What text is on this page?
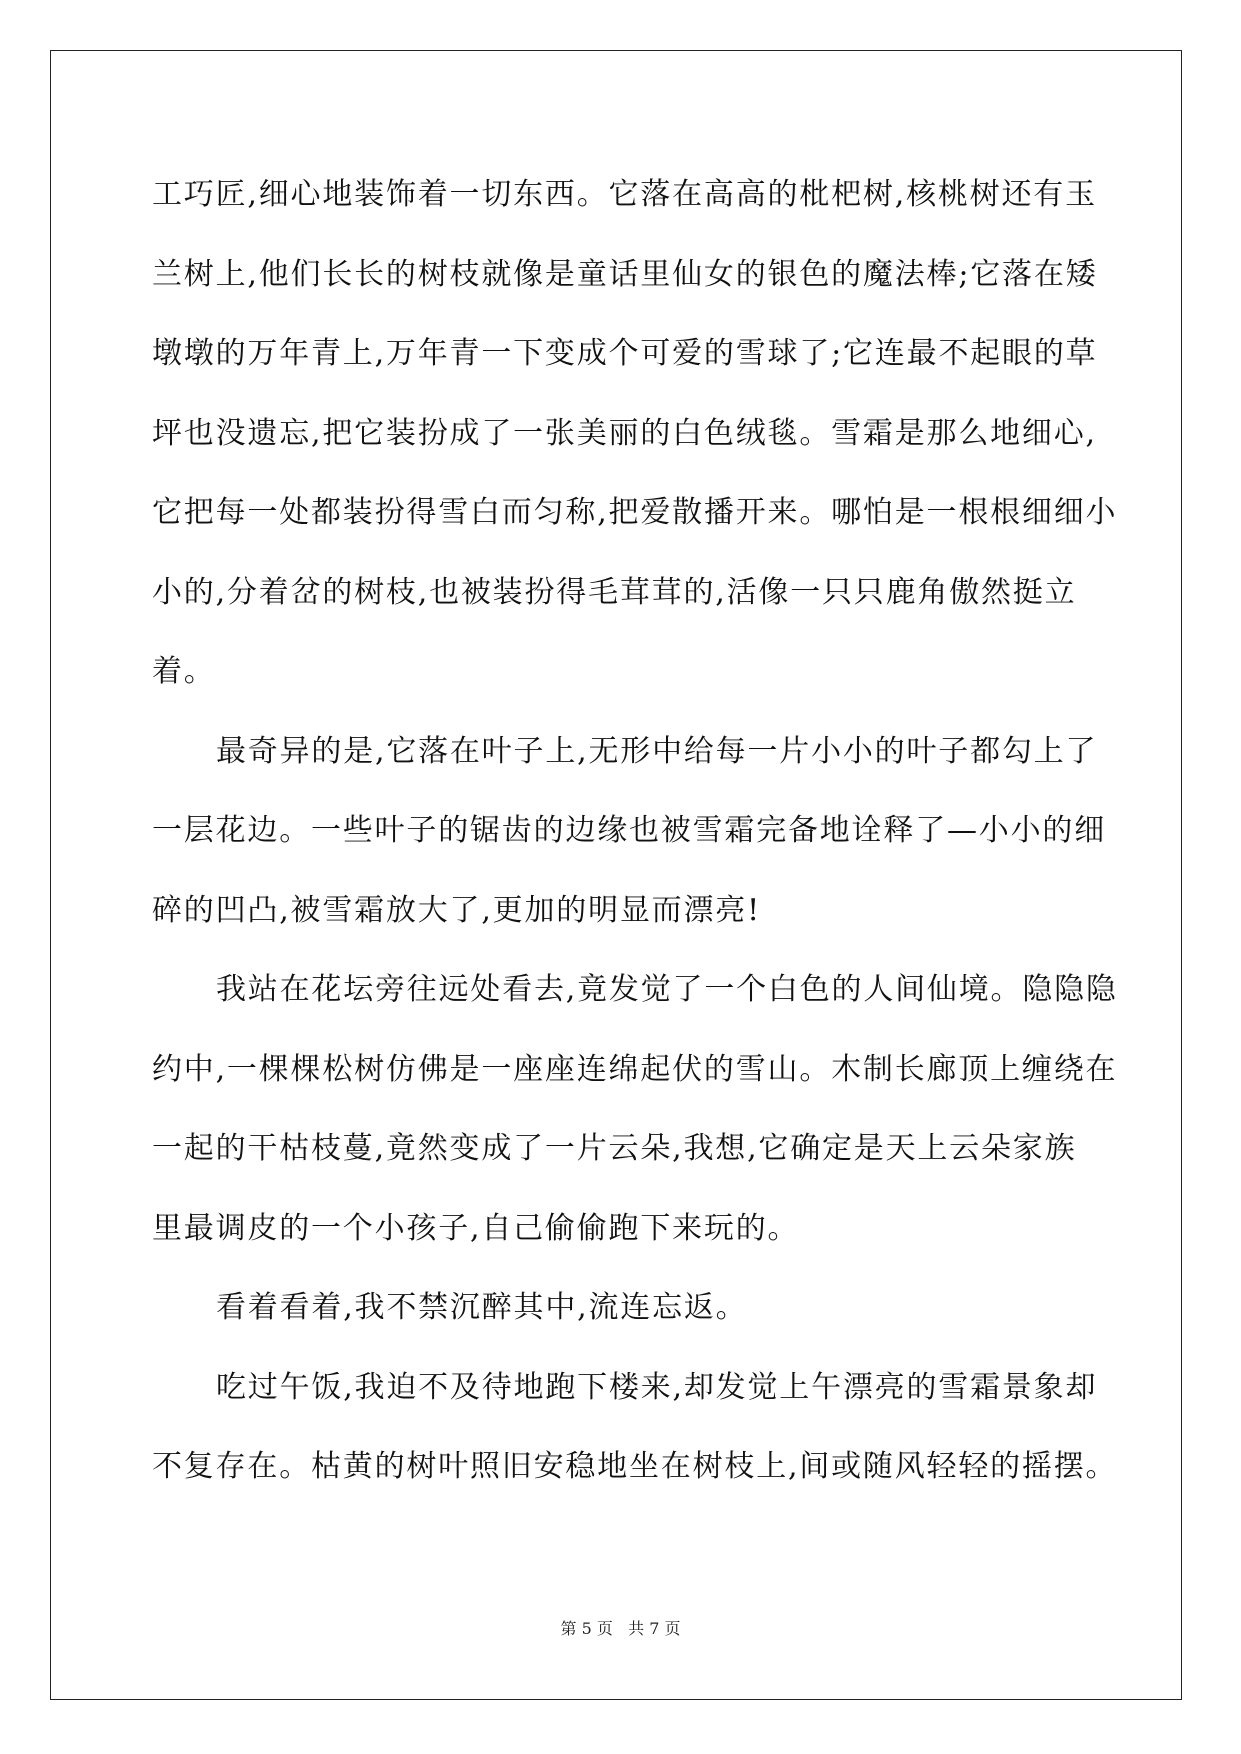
工巧匠,细心地装饰着一切东西。它落在高高的枇杷树,核桃树还有玉
兰树上,他们长长的树枝就像是童话里仙女的银色的魔法棒;它落在矮
墩墩的万年青上,万年青一下变成个可爱的雪球了;它连最不起眼的草
坪也没遗忘,把它装扮成了一张美丽的白色绒毯。雪霜是那么地细心,
它把每一处都装扮得雪白而匀称,把爱散播开来。哪怕是一根根细细小
小的,分着岔的树枝,也被装扮得毛茸茸的,活像一只只鹿角傲然挺立
着。
最奇异的是,它落在叶子上,无形中给每一片小小的叶子都勾上了
一层花边。一些叶子的锯齿的边缘也被雪霜完备地诠释了—小小的细
碎的凹凸,被雪霜放大了,更加的明显而漂亮!
我站在花坛旁往远处看去,竟发觉了一个白色的人间仙境。隐隐隐
约中,一棵棵松树仿佛是一座座连绵起伏的雪山。木制长廊顶上缠绕在
一起的干枯枝蔓,竟然变成了一片云朵,我想,它确定是天上云朵家族
里最调皮的一个小孩子,自己偷偷跑下来玩的。
看着看着,我不禁沉醉其中,流连忘返。
吃过午饭,我迫不及待地跑下楼来,却发觉上午漂亮的雪霜景象却
不复存在。枯黄的树叶照旧安稳地坐在树枝上,间或随风轻轻的摇摆。
第 5 页   共 7 页
